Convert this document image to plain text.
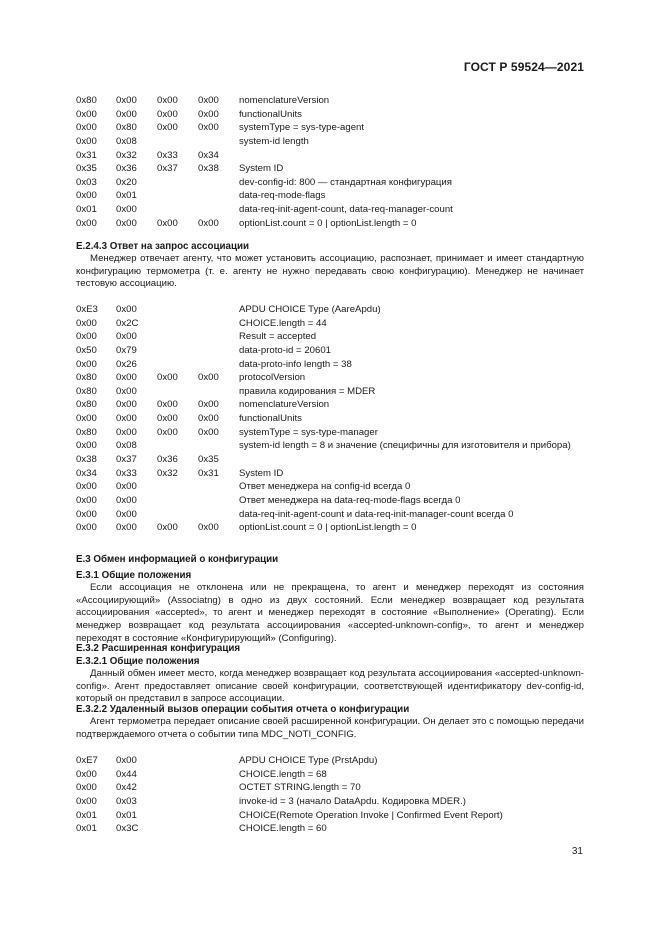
ГОСТ Р 59524—2021
0x80 0x00 0x00 0x00 nomenclatureVersion
0x00 0x00 0x00 0x00 functionalUnits
0x00 0x80 0x00 0x00 systemType = sys-type-agent
0x00 0x08	system-id length
0x31 0x32 0x33 0x34
0x35 0x36 0x37 0x38 System ID
0x03 0x20	dev-config-id: 800 — стандартная конфигурация
0x00 0x01	data-req-mode-flags
0x01 0x00	data-req-init-agent-count, data-req-manager-count
0x00 0x00 0x00 0x00 optionList.count = 0 | optionList.length = 0
E.2.4.3 Ответ на запрос ассоциации
Менеджер отвечает агенту, что может установить ассоциацию, распознает, принимает и имеет стандартную конфигурацию термометра (т. е. агенту не нужно передавать свою конфигурацию). Менеджер не начинает тестовую ассоциацию.
0xE3 0x00	APDU CHOICE Type (AareApdu)
0x00 0x2C	CHOICE.length = 44
0x00 0x00	Result = accepted
0x50 0x79	data-proto-id = 20601
0x00 0x26	data-proto-info length = 38
0x80 0x00 0x00 0x00 protocolVersion
0x80 0x00	правила кодирования = MDER
0x80 0x00 0x00 0x00 nomenclatureVersion
0x00 0x00 0x00 0x00 functionalUnits
0x80 0x00 0x00 0x00 systemType = sys-type-manager
0x00 0x08	system-id length = 8 и значение (специфичны для изготовителя и прибора)
0x38 0x37 0x36 0x35
0x34 0x33 0x32 0x31 System ID
0x00 0x00	Ответ менеджера на config-id всегда 0
0x00 0x00	Ответ менеджера на data-req-mode-flags всегда 0
0x00 0x00	data-req-init-agent-count и data-req-init-manager-count всегда 0
0x00 0x00 0x00 0x00 optionList.count = 0 | optionList.length = 0
E.3 Обмен информацией о конфигурации
E.3.1 Общие положения
Если ассоциация не отклонена или не прекращена, то агент и менеджер переходят из состояния «Ассоциирующий» (Associatng) в одно из двух состояний. Если менеджер возвращает код результата ассоциирования «accepted», то агент и менеджер переходят в состояние «Выполнение» (Operating). Если менеджер возвращает код результата ассоциирования «accepted-unknown-config», то агент и менеджер переходят в состояние «Конфигурирующий» (Configuring).
E.3.2 Расширенная конфигурация
E.3.2.1 Общие положения
Данный обмен имеет место, когда менеджер возвращает код результата ассоциирования «accepted-unknown-config». Агент предоставляет описание своей конфигурации, соответствующей идентификатору dev-config-id, который он представил в запросе ассоциации.
E.3.2.2 Удаленный вызов операции события отчета о конфигурации
Агент термометра передает описание своей расширенной конфигурации. Он делает это с помощью передачи подтверждаемого отчета о событии типа MDC_NOTI_CONFIG.
0xE7 0x00	APDU CHOICE Type (PrstApdu)
0x00 0x44	CHOICE.length = 68
0x00 0x42	OCTET STRING.length = 70
0x00 0x03	invoke-id = 3 (начало DataApdu. Кодировка MDER.)
0x01 0x01	CHOICE(Remote Operation Invoke | Confirmed Event Report)
0x01 0x3C	CHOICE.length = 60
31
